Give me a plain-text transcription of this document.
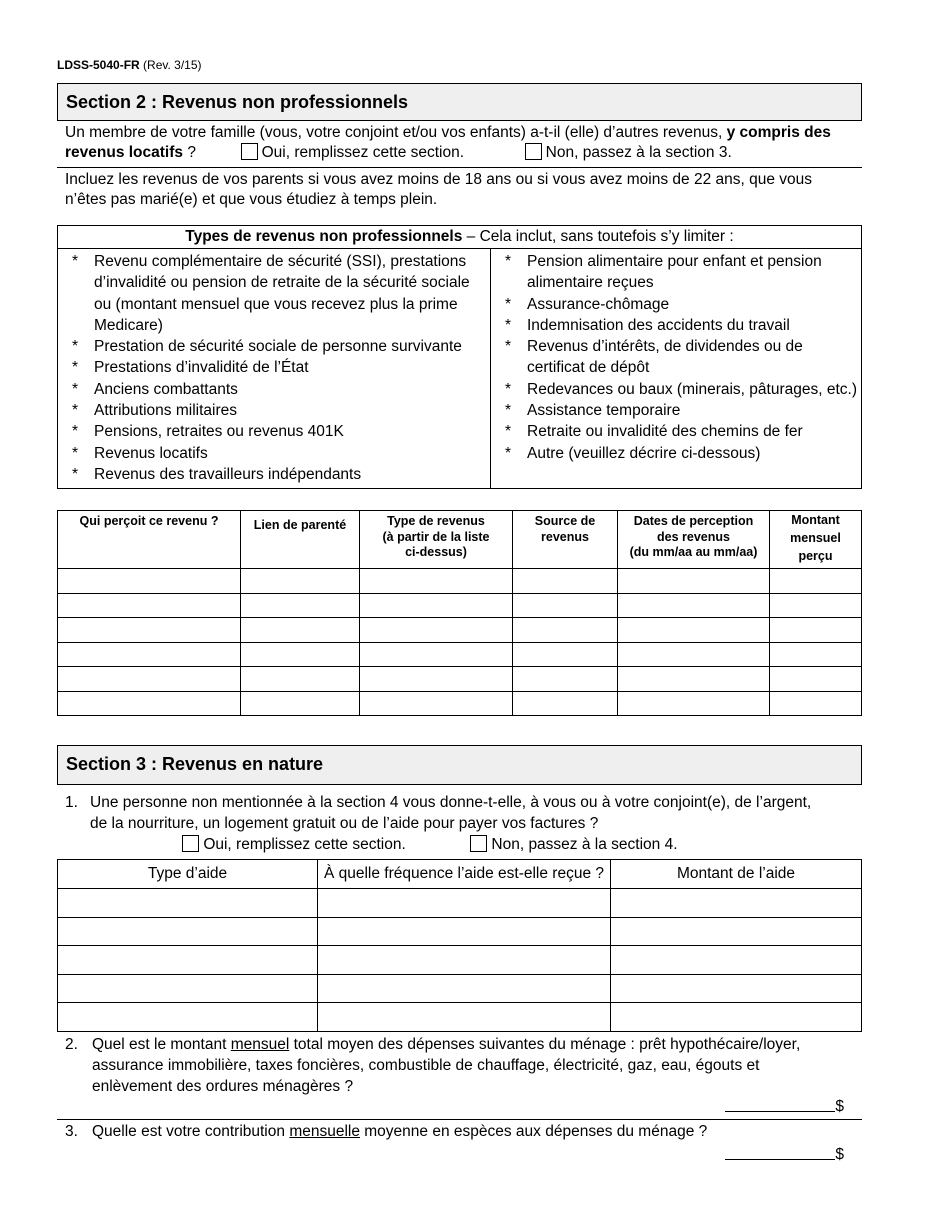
LDSS-5040-FR (Rev. 3/15)
Section 2 : Revenus non professionnels
Un membre de votre famille (vous, votre conjoint et/ou vos enfants) a-t-il (elle) d’autres revenus, y compris des
revenus locatifs ?	Oui, remplissez cette section.	Non, passez à la section 3.
Incluez les revenus de vos parents si vous avez moins de 18 ans ou si vous avez moins de 22 ans, que vous n’êtes pas marié(e) et que vous étudiez à temps plein.
Types de revenus non professionnels – Cela inclut, sans toutefois s’y limiter :

* Revenu complémentaire de sécurité (SSI), prestations d’invalidité ou pension de retraite de la sécurité sociale ou (montant mensuel que vous recevez plus la prime Medicare)
* Prestation de sécurité sociale de personne survivante
* Prestations d’invalidité de l’État
* Anciens combattants
* Attributions militaires
* Pensions, retraites ou revenus 401K
* Revenus locatifs
* Revenus des travailleurs indépendants

* Pension alimentaire pour enfant et pension alimentaire reçues
* Assurance-chômage
* Indemnisation des accidents du travail
* Revenus d’intérêts, de dividendes ou de certificat de dépôt
* Redevances ou baux (minerais, pâturages, etc.)
* Assistance temporaire
* Retraite ou invalidité des chemins de fer
* Autre (veuillez décrire ci-dessous)
Qui perçoit ce revenu ?	Lien de parenté	Type de revenus
(à partir de la liste
ci-dessus)	Source de
revenus	Dates de perception
des revenus
(du mm/aa au mm/aa)	Montant
mensuel
perçu

Section 3 : Revenus en nature
1. Une personne non mentionnée à la section 4 vous donne-t-elle, à vous ou à votre conjoint(e), de l’argent,
de la nourriture, un logement gratuit ou de l’aide pour payer vos factures ?
Oui, remplissez cette section.	Non, passez à la section 4.
Type d’aide	À quelle fréquence l’aide est-elle reçue ?	Montant de l’aide

2. Quel est le montant mensuel total moyen des dépenses suivantes du ménage : prêt hypothécaire/loyer, assurance immobilière, taxes foncières, combustible de chauffage, électricité, gaz, eau, égouts et enlèvement des ordures ménagères ?
$
3. Quelle est votre contribution mensuelle moyenne en espèces aux dépenses du ménage ?
$
